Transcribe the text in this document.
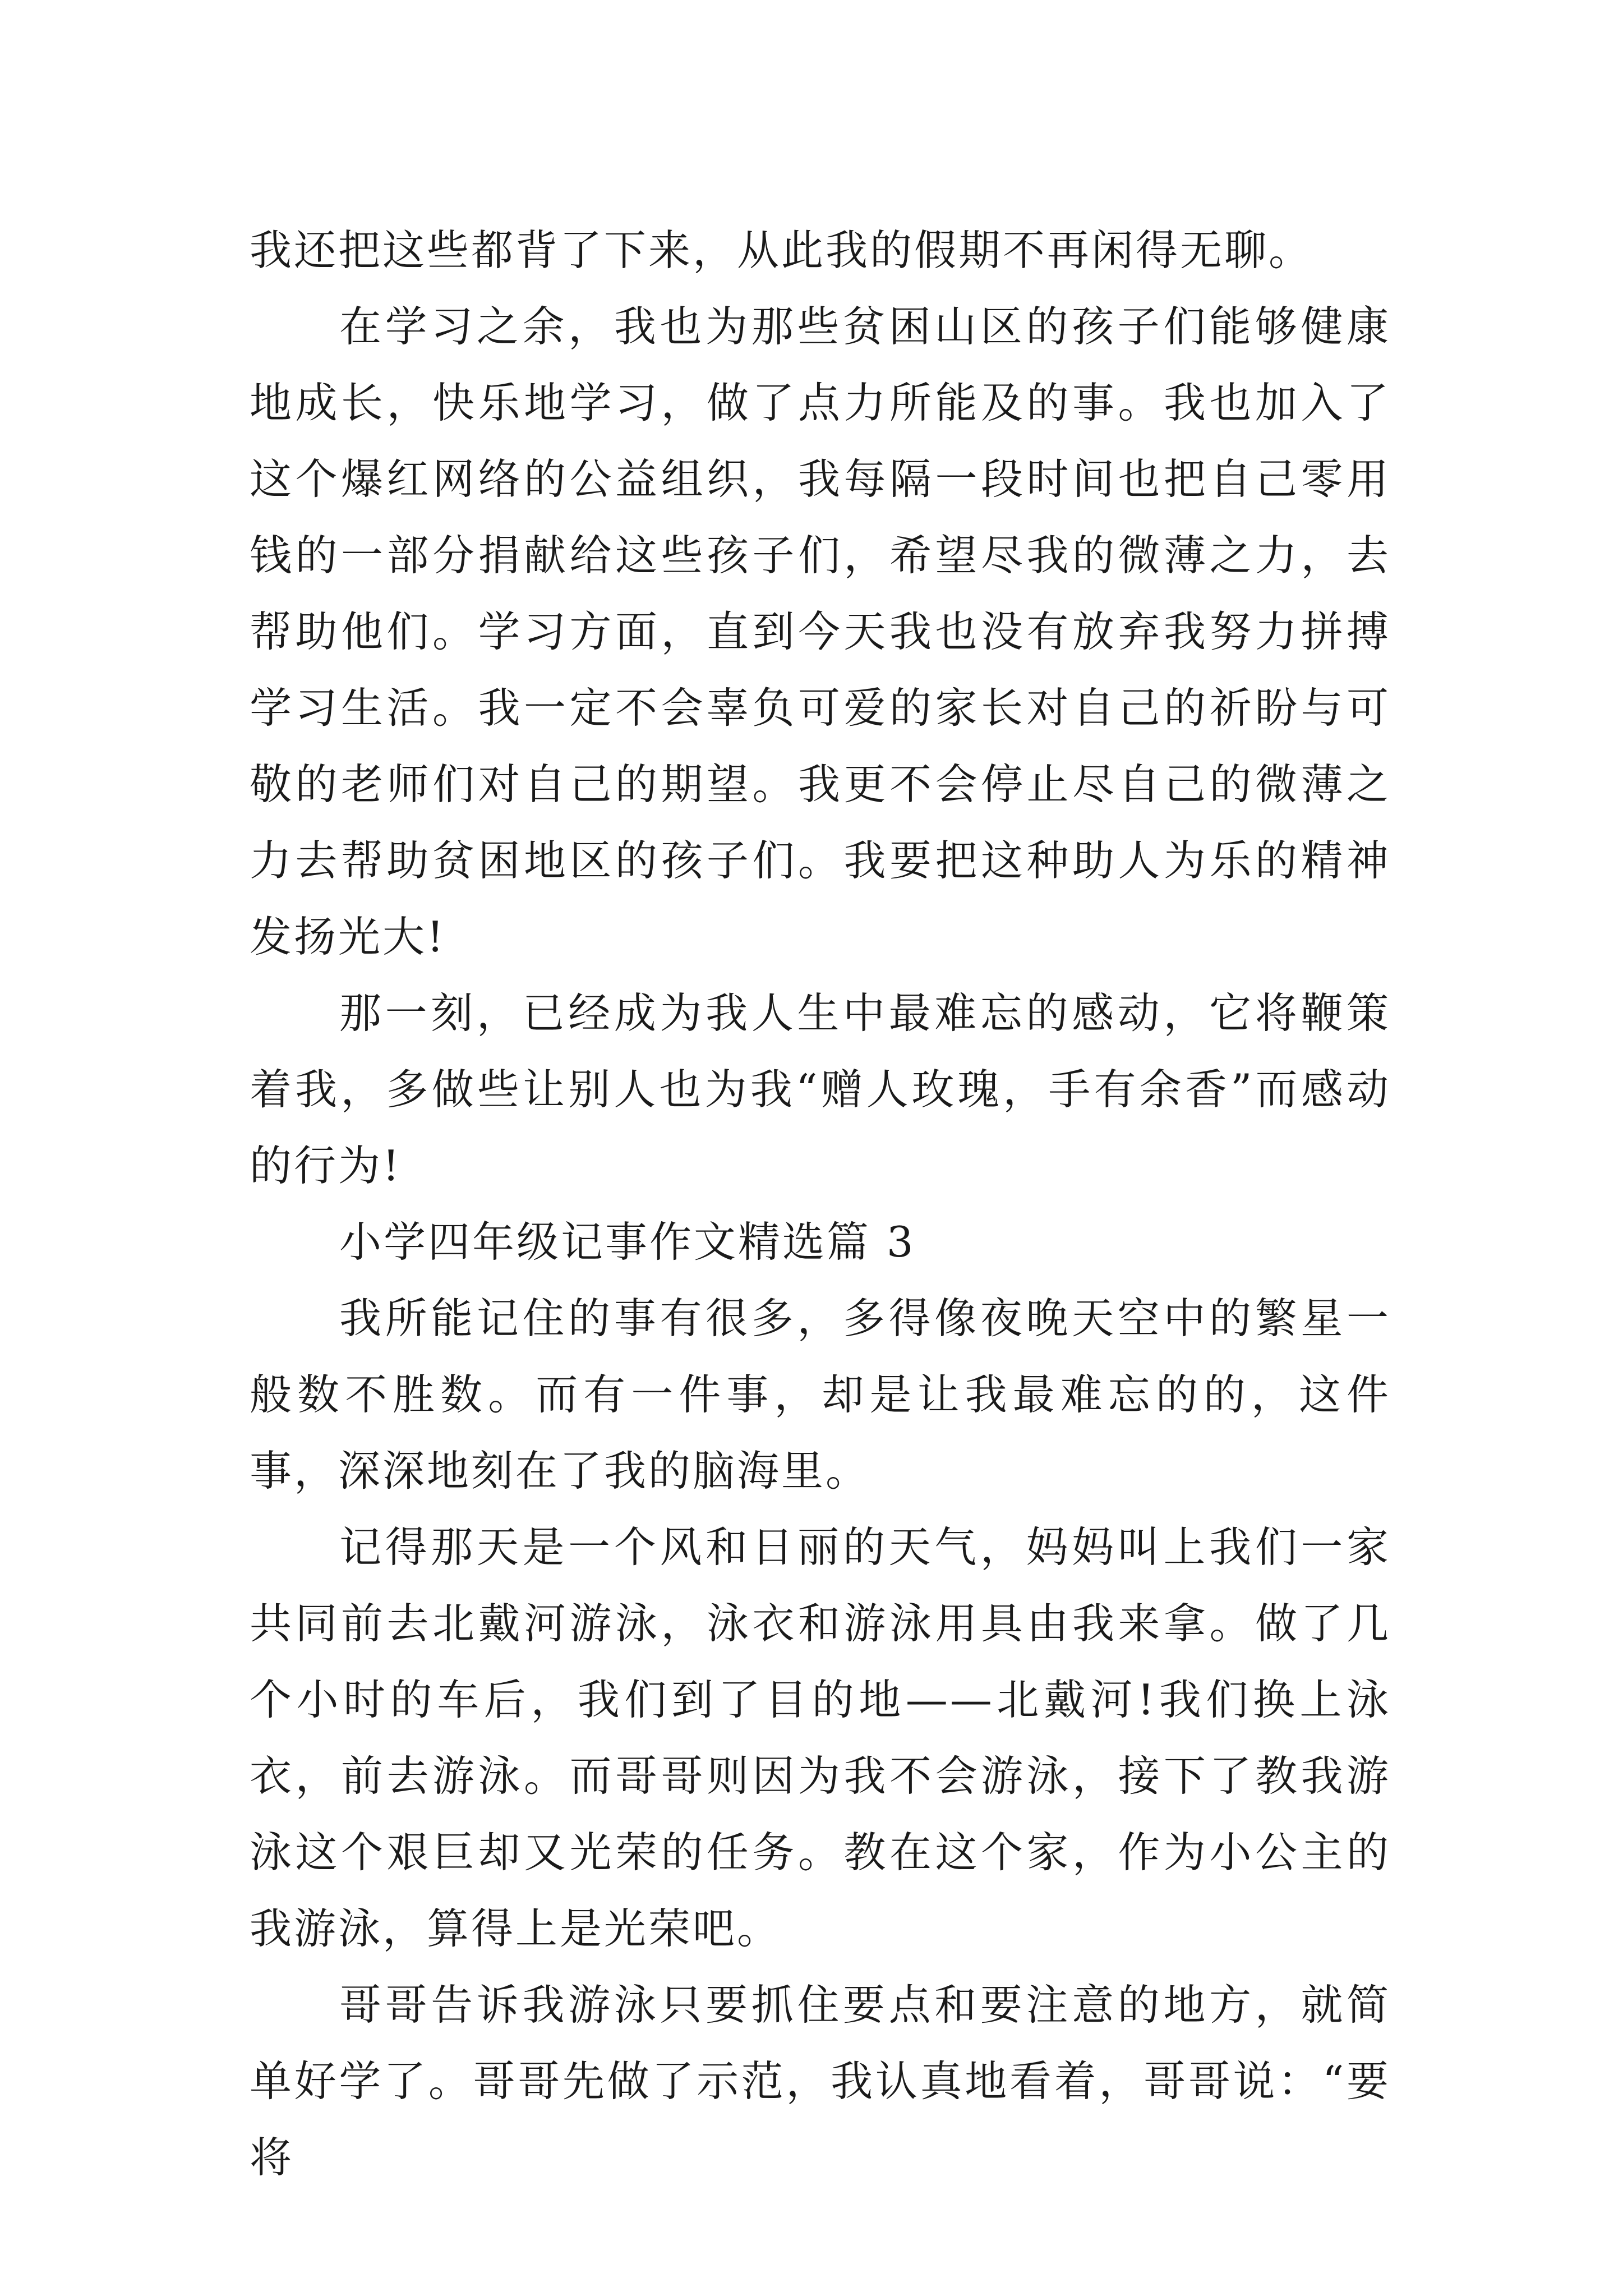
我还把这些都背了下来，从此我的假期不再闲得无聊。

在学习之余，我也为那些贫困山区的孩子们能够健康地成长，快乐地学习，做了点力所能及的事。我也加入了这个爆红网络的公益组织，我每隔一段时间也把自己零用钱的一部分捐献给这些孩子们，希望尽我的微薄之力，去帮助他们。学习方面，直到今天我也没有放弃我努力拼搏学习生活。我一定不会辜负可爱的家长对自己的祈盼与可敬的老师们对自己的期望。我更不会停止尽自己的微薄之力去帮助贫困地区的孩子们。我要把这种助人为乐的精神发扬光大!

那一刻，已经成为我人生中最难忘的感动，它将鞭策着我，多做些让别人也为我“赠人玫瑰，手有余香”而感动的行为!

小学四年级记事作文精选篇 3

我所能记住的事有很多，多得像夜晚天空中的繁星一般数不胜数。而有一件事，却是让我最难忘的的，这件事，深深地刻在了我的脑海里。

记得那天是一个风和日丽的天气，妈妈叫上我们一家共同前去北戴河游泳，泳衣和游泳用具由我来拿。做了几个小时的车后，我们到了目的地——北戴河!我们换上泳衣，前去游泳。而哥哥则因为我不会游泳，接下了教我游泳这个艰巨却又光荣的任务。教在这个家，作为小公主的我游泳，算得上是光荣吧。

哥哥告诉我游泳只要抓住要点和要注意的地方，就简单好学了。哥哥先做了示范，我认真地看着，哥哥说：“要将
